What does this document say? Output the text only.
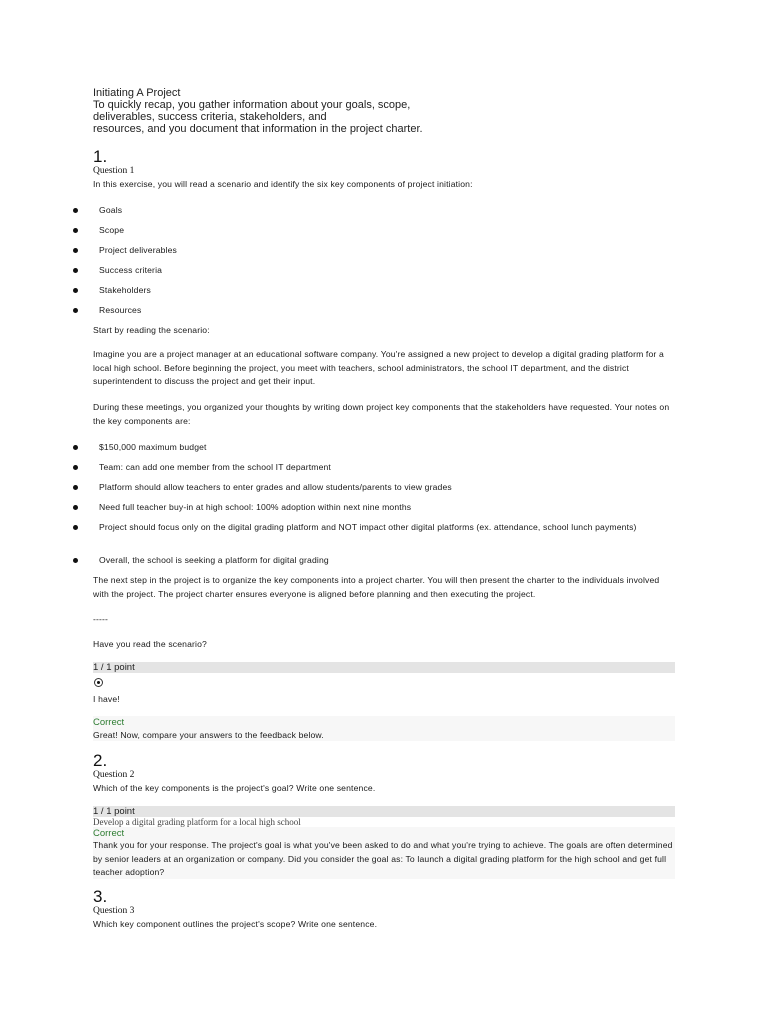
Initiating A Project
To quickly recap, you gather information about your goals, scope,
deliverables, success criteria, stakeholders, and
resources, and you document that information in the project charter.
1.
Question 1
In this exercise, you will read a scenario and identify the six key components of project initiation:
Goals
Scope
Project deliverables
Success criteria
Stakeholders
Resources
Start by reading the scenario:
Imagine you are a project manager at an educational software company. You're assigned a new project to develop a digital grading platform for a local high school. Before beginning the project, you meet with teachers, school administrators, the school IT department, and the district superintendent to discuss the project and get their input.
During these meetings, you organized your thoughts by writing down project key components that the stakeholders have requested. Your notes on the key components are:
$150,000 maximum budget
Team: can add one member from the school IT department
Platform should allow teachers to enter grades and allow students/parents to view grades
Need full teacher buy-in at high school: 100% adoption within next nine months
Project should focus only on the digital grading platform and NOT impact other digital platforms (ex. attendance, school lunch payments)
Overall, the school is seeking a platform for digital grading
The next step in the project is to organize the key components into a project charter. You will then present the charter to the individuals involved with the project. The project charter ensures everyone is aligned before planning and then executing the project.
-----
Have you read the scenario?
1 / 1 point
I have!
Correct
Great! Now, compare your answers to the feedback below.
2.
Question 2
Which of the key components is the project's goal? Write one sentence.
1 / 1 point
Develop a digital grading platform for a local high school
Correct
Thank you for your response. The project's goal is what you've been asked to do and what you're trying to achieve. The goals are often determined by senior leaders at an organization or company. Did you consider the goal as: To launch a digital grading platform for the high school and get full teacher adoption?
3.
Question 3
Which key component outlines the project's scope? Write one sentence.
